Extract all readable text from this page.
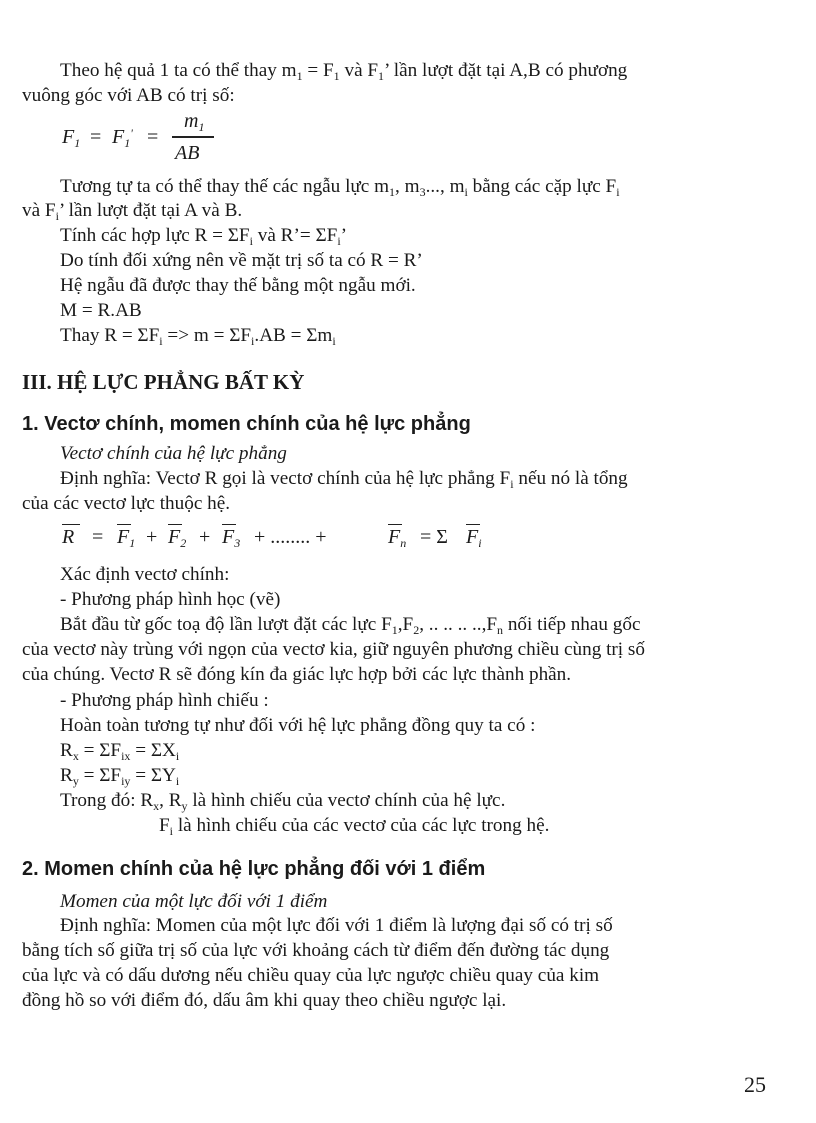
Theo hệ quả 1 ta có thể thay $m_1 = F_1$ và $F_1$’ lần lượt đặt tại A,B có phương
vuông góc với AB có trị số:
$F_1 = F_1'$ =
$m_1$
AB
Tương tự ta có thể thay thế các ngẫu lực $m_1$, $m_3$..., $m_i$ bằng các cặp lực $F_i$
và $F_i$’ lần lượt đặt tại A và B.
Tính các hợp lực $R = \Sigma F_i$ và R’= $\Sigma F_i$’
Do tính đối xứng nên về mặt trị số ta có R = R’
Hệ ngẫu đã được thay thế bằng một ngẫu mới.
M = R.AB
Thay $R = \Sigma F_i => m = \Sigma F_i.AB = \Sigma m_i$
III. HỆ LỰC PHẲNG BẤT KỲ
1. Vectơ chính, momen chính của hệ lực phẳng
Vectơ chính của hệ lực phẳng
Định nghĩa: Vectơ R gọi là vectơ chính của hệ lực phẳng $F_i$ nếu nó là tổng
của các vectơ lực thuộc hệ.
$R = F_1 + F_2 + F_3$ + ........ +	$F_n = \Sigma$ $F_i$
Xác định vectơ chính:
- Phương pháp hình học (vẽ)
Bắt đầu từ gốc toạ độ lần lượt đặt các lực $F_1,F_2$, .. .. .. $..,F_n$ nối tiếp nhau gốc
của vectơ này trùng với ngọn của vectơ kia, giữ nguyên phương chiều cùng trị số
của chúng. Vectơ R sẽ đóng kín đa giác lực hợp bởi các lực thành phần.
- Phương pháp hình chiếu :
Hoàn toàn tương tự như đối với hệ lực phẳng đồng quy ta có :
$R_x = \Sigma F_{ix} = \Sigma X_i$
$R_y = \Sigma F_{iy} = \Sigma Y_i$
Trong đó: $R_x$, $R_y$ là hình chiếu của vectơ chính của hệ lực.
$F_i$ là hình chiếu của các vectơ của các lực trong hệ.
2. Momen chính của hệ lực phẳng đối với 1 điểm
Momen của một lực đối với 1 điểm
Định nghĩa: Momen của một lực đối với 1 điểm là lượng đại số có trị số
bằng tích số giữa trị số của lực với khoảng cách từ điểm đến đường tác dụng
của lực và có dấu dương nếu chiều quay của lực ngược chiều quay của kim
đồng hồ so với điểm đó, dấu âm khi quay theo chiều ngược lại.
25
